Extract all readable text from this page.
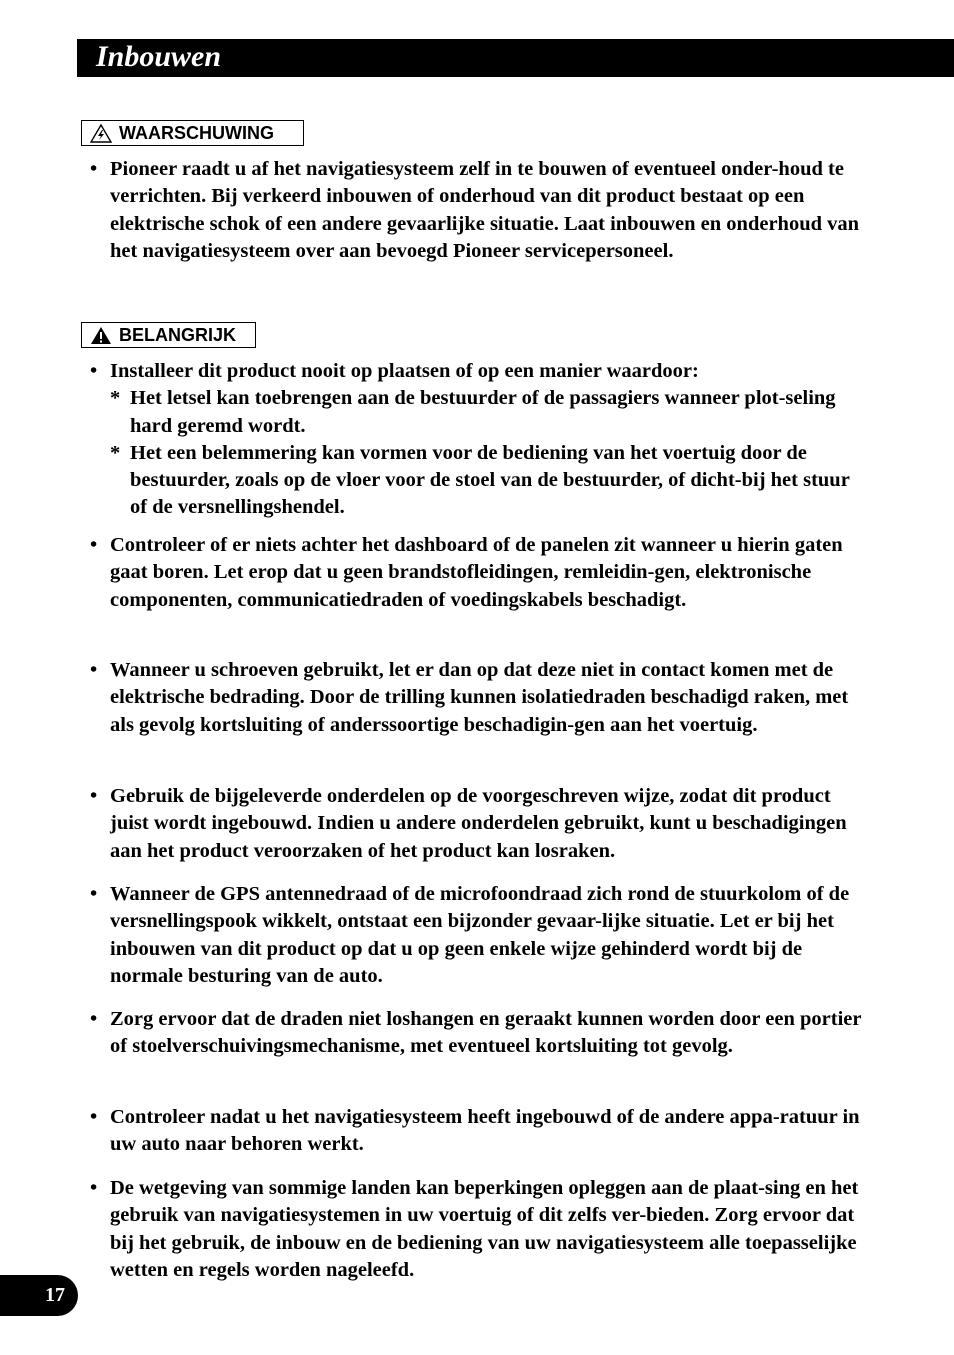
Inbouwen
WAARSCHUWING
• Pioneer raadt u af het navigatiesysteem zelf in te bouwen of eventueel onder-houd te verrichten. Bij verkeerd inbouwen of onderhoud van dit product bestaat op een elektrische schok of een andere gevaarlijke situatie. Laat inbouwen en onderhoud van het navigatiesysteem over aan bevoegd Pioneer servicepersoneel.
BELANGRIJK
• Installeer dit product nooit op plaatsen of op een manier waardoor:
* Het letsel kan toebrengen aan de bestuurder of de passagiers wanneer plot-seling hard geremd wordt.
* Het een belemmering kan vormen voor de bediening van het voertuig door de bestuurder, zoals op de vloer voor de stoel van de bestuurder, of dicht-bij het stuur of de versnellingshendel.
• Controleer of er niets achter het dashboard of de panelen zit wanneer u hierin gaten gaat boren. Let erop dat u geen brandstofleidingen, remleidin-gen, elektronische componenten, communicatiedraden of voedingskabels beschadigt.
• Wanneer u schroeven gebruikt, let er dan op dat deze niet in contact komen met de elektrische bedrading. Door de trilling kunnen isolatiedraden beschadigd raken, met als gevolg kortsluiting of anderssoortige beschadigin-gen aan het voertuig.
• Gebruik de bijgeleverde onderdelen op de voorgeschreven wijze, zodat dit product juist wordt ingebouwd. Indien u andere onderdelen gebruikt, kunt u beschadigingen aan het product veroorzaken of het product kan losraken.
• Wanneer de GPS antennedraad of de microfoondraad zich rond de stuurkolom of de versnellingspook wikkelt, ontstaat een bijzonder gevaar-lijke situatie. Let er bij het inbouwen van dit product op dat u op geen enkele wijze gehinderd wordt bij de normale besturing van de auto.
• Zorg ervoor dat de draden niet loshangen en geraakt kunnen worden door een portier of stoelverschuivingsmechanisme, met eventueel kortsluiting tot gevolg.
• Controleer nadat u het navigatiesysteem heeft ingebouwd of de andere appa-ratuur in uw auto naar behoren werkt.
• De wetgeving van sommige landen kan beperkingen opleggen aan de plaat-sing en het gebruik van navigatiesystemen in uw voertuig of dit zelfs ver-bieden. Zorg ervoor dat bij het gebruik, de inbouw en de bediening van uw navigatiesysteem alle toepasselijke wetten en regels worden nageleefd.
17
